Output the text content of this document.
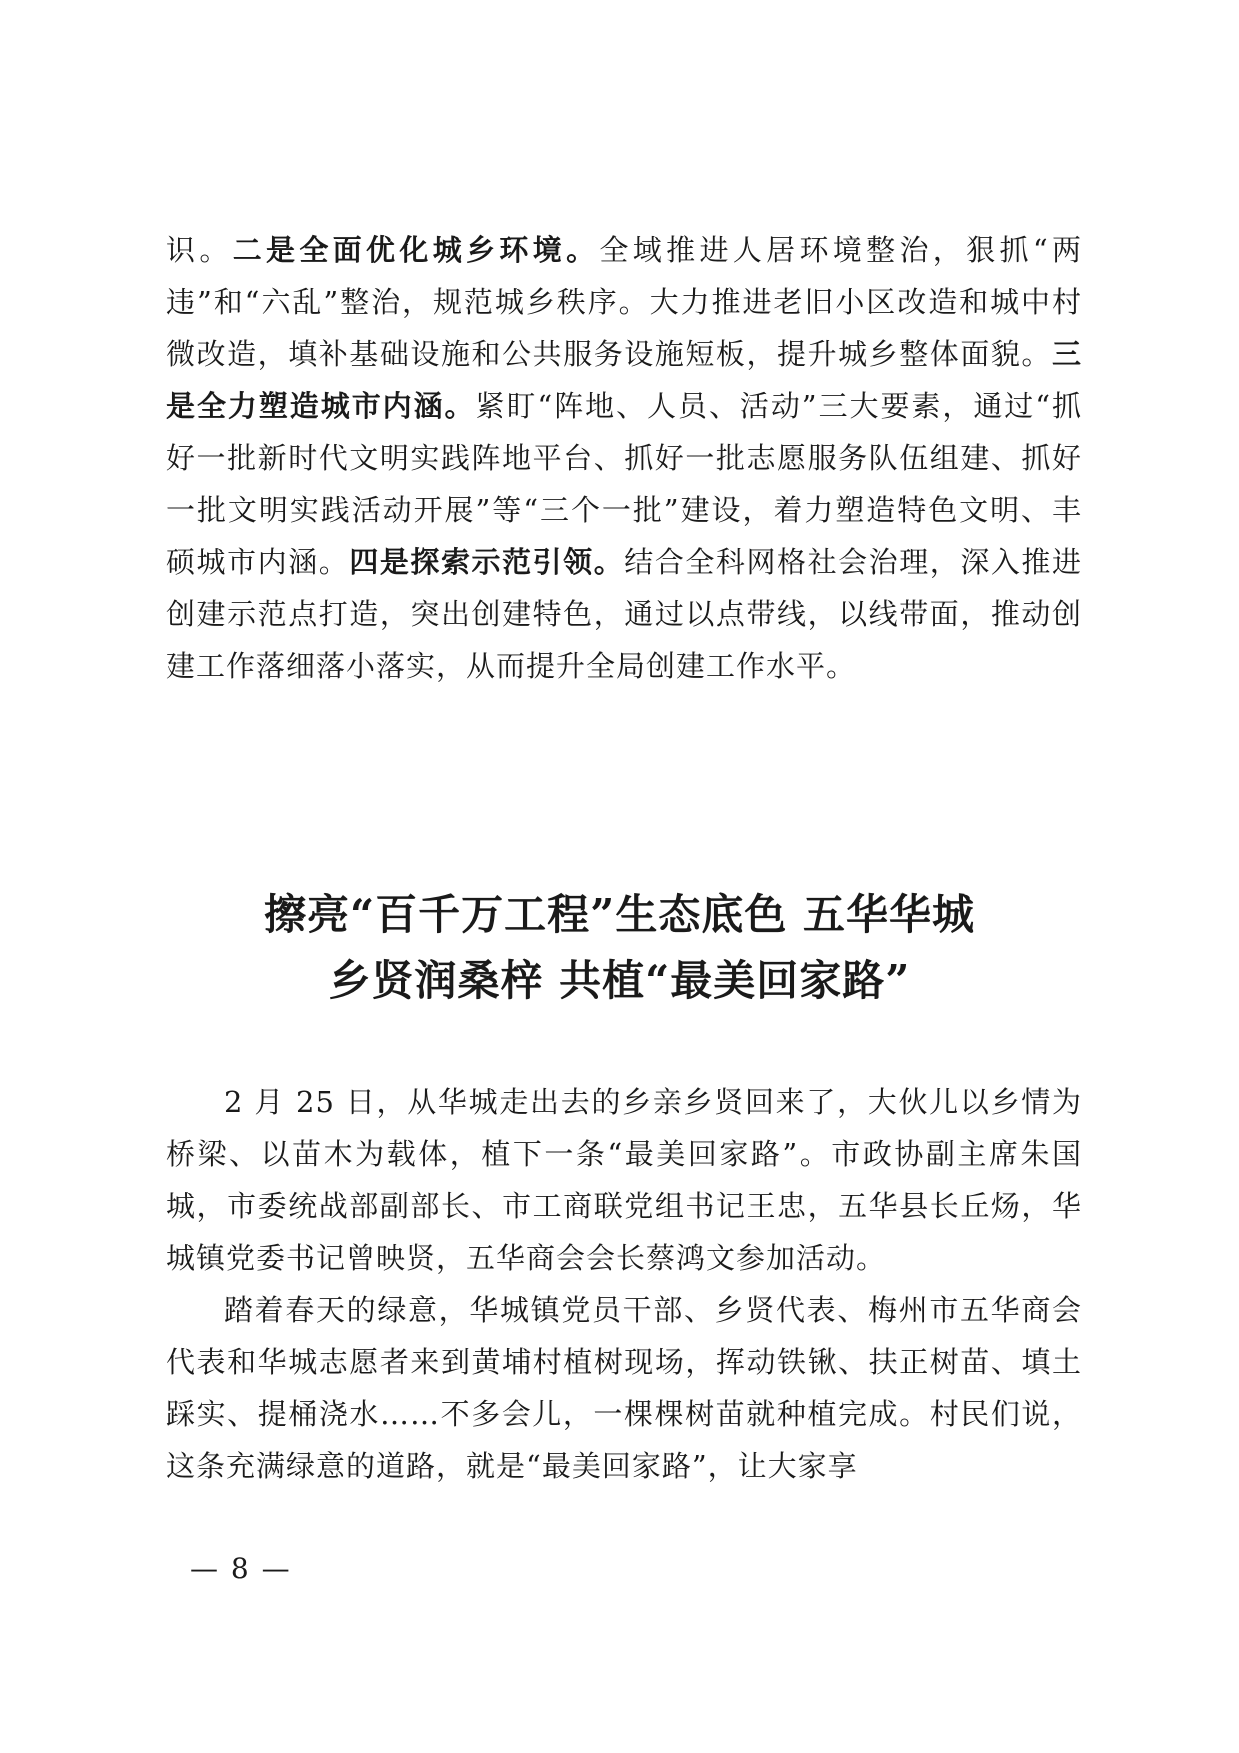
识。二是全面优化城乡环境。全域推进人居环境整治，狠抓“两违”和“六乱”整治，规范城乡秩序。大力推进老旧小区改造和城中村微改造，填补基础设施和公共服务设施短板，提升城乡整体面貌。三是全力塑造城市内涵。紧盯“阵地、人员、活动”三大要素，通过“抓好一批新时代文明实践阵地平台、抓好一批志愿服务队伍组建、抓好一批文明实践活动开展”等“三个一批”建设，着力塑造特色文明、丰硕城市内涵。四是探索示范引领。结合全科网格社会治理，深入推进创建示范点打造，突出创建特色，通过以点带线，以线带面，推动创建工作落细落小落实，从而提升全局创建工作水平。

擦亮“百千万工程”生态底色 五华华城
乡贤润桑梓 共植“最美回家路”

2 月 25 日，从华城走出去的乡亲乡贤回来了，大伙儿以乡情为桥梁、以苗木为载体，植下一条“最美回家路”。市政协副主席朱国城，市委统战部副部长、市工商联党组书记王忠，五华县长丘炀，华城镇党委书记曾映贤，五华商会会长蔡鸿文参加活动。

踏着春天的绿意，华城镇党员干部、乡贤代表、梅州市五华商会代表和华城志愿者来到黄埔村植树现场，挥动铁锹、扶正树苗、填土踩实、提桶浇水……不多会儿，一棵棵树苗就种植完成。村民们说，这条充满绿意的道路，就是“最美回家路”，让大家享

— 8 —
